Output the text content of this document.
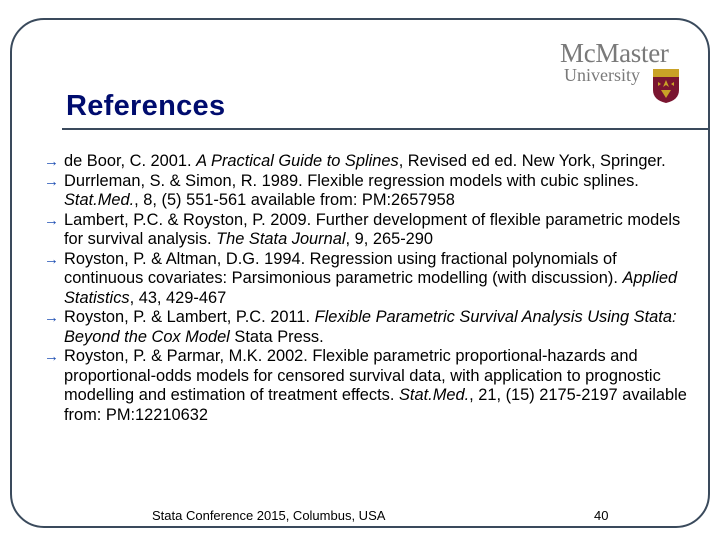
McMaster
University
References
→ de Boor, C. 2001. A Practical Guide to Splines, Revised ed ed. New York, Springer.
→ Durrleman, S. & Simon, R. 1989. Flexible regression models with cubic splines. Stat.Med., 8, (5) 551-561 available from: PM:2657958
→ Lambert, P.C. & Royston, P. 2009. Further development of flexible parametric models for survival analysis. The Stata Journal, 9, 265-290
→ Royston, P. & Altman, D.G. 1994. Regression using fractional polynomials of continuous covariates: Parsimonious parametric modelling (with discussion). Applied Statistics, 43, 429-467
→ Royston, P. & Lambert, P.C. 2011. Flexible Parametric Survival Analysis Using Stata: Beyond the Cox Model Stata Press.
→ Royston, P. & Parmar, M.K. 2002. Flexible parametric proportional-hazards and proportional-odds models for censored survival data, with application to prognostic modelling and estimation of treatment effects. Stat.Med., 21, (15) 2175-2197 available from: PM:12210632
Stata Conference 2015, Columbus, USA	40
